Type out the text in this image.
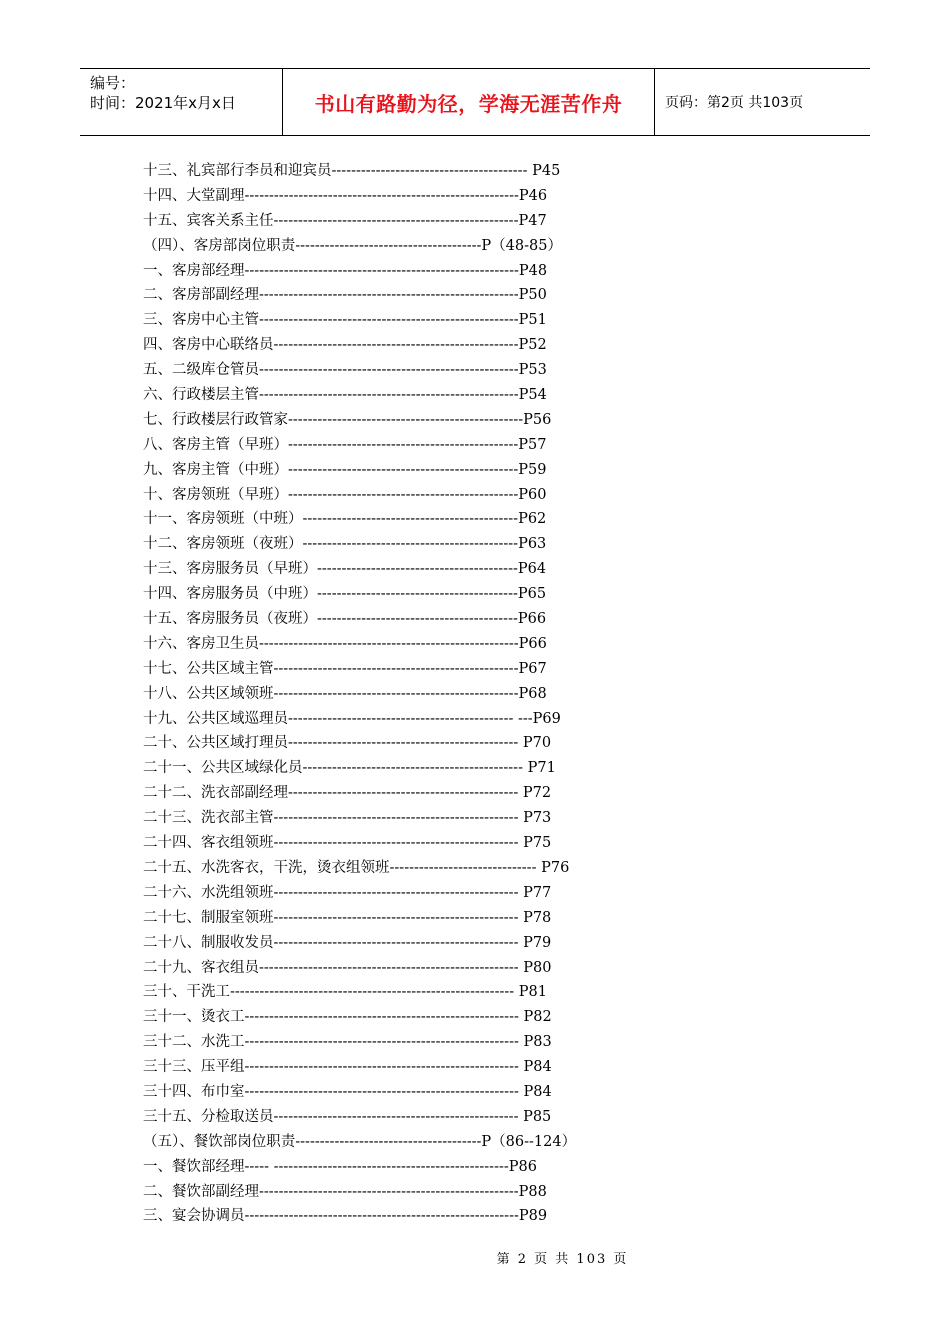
编号：
时间：2021年x月x日	书山有路勤为径，学海无涯苦作舟	页码：第2页 共103页
十三、礼宾部行李员和迎宾员---------------------------------------- P45
十四、大堂副理--------------------------------------------------------P46
十五、宾客关系主任--------------------------------------------------P47
（四）、客房部岗位职责--------------------------------------P（48-85）
一、客房部经理--------------------------------------------------------P48
二、客房部副经理-----------------------------------------------------P50
三、客房中心主管-----------------------------------------------------P51
四、客房中心联络员--------------------------------------------------P52
五、二级库仓管员-----------------------------------------------------P53
六、行政楼层主管-----------------------------------------------------P54
七、行政楼层行政管家------------------------------------------------P56
八、客房主管（早班）-----------------------------------------------P57
九、客房主管（中班）-----------------------------------------------P59
十、客房领班（早班）-----------------------------------------------P60
十一、客房领班（中班）--------------------------------------------P62
十二、客房领班（夜班）--------------------------------------------P63
十三、客房服务员（早班）-----------------------------------------P64
十四、客房服务员（中班）-----------------------------------------P65
十五、客房服务员（夜班）-----------------------------------------P66
十六、客房卫生员-----------------------------------------------------P66
十七、公共区域主管--------------------------------------------------P67
十八、公共区域领班--------------------------------------------------P68
十九、公共区域巡理员---------------------------------------------- ---P69
二十、公共区域打理员----------------------------------------------- P70
二十一、公共区域绿化员--------------------------------------------- P71
二十二、洗衣部副经理----------------------------------------------- P72
二十三、洗衣部主管-------------------------------------------------- P73
二十四、客衣组领班-------------------------------------------------- P75
二十五、水洗客衣，干洗，烫衣组领班------------------------------ P76
二十六、水洗组领班-------------------------------------------------- P77
二十七、制服室领班-------------------------------------------------- P78
二十八、制服收发员-------------------------------------------------- P79
二十九、客衣组员----------------------------------------------------- P80
三十、干洗工---------------------------------------------------------- P81
三十一、烫衣工-------------------------------------------------------- P82
三十二、水洗工-------------------------------------------------------- P83
三十三、压平组-------------------------------------------------------- P84
三十四、布巾室-------------------------------------------------------- P84
三十五、分检取送员-------------------------------------------------- P85
（五）、餐饮部岗位职责--------------------------------------P（86--124）
一、餐饮部经理----- ------------------------------------------------P86
二、餐饮部副经理-----------------------------------------------------P88
三、宴会协调员--------------------------------------------------------P89
第 2 页 共 103 页
